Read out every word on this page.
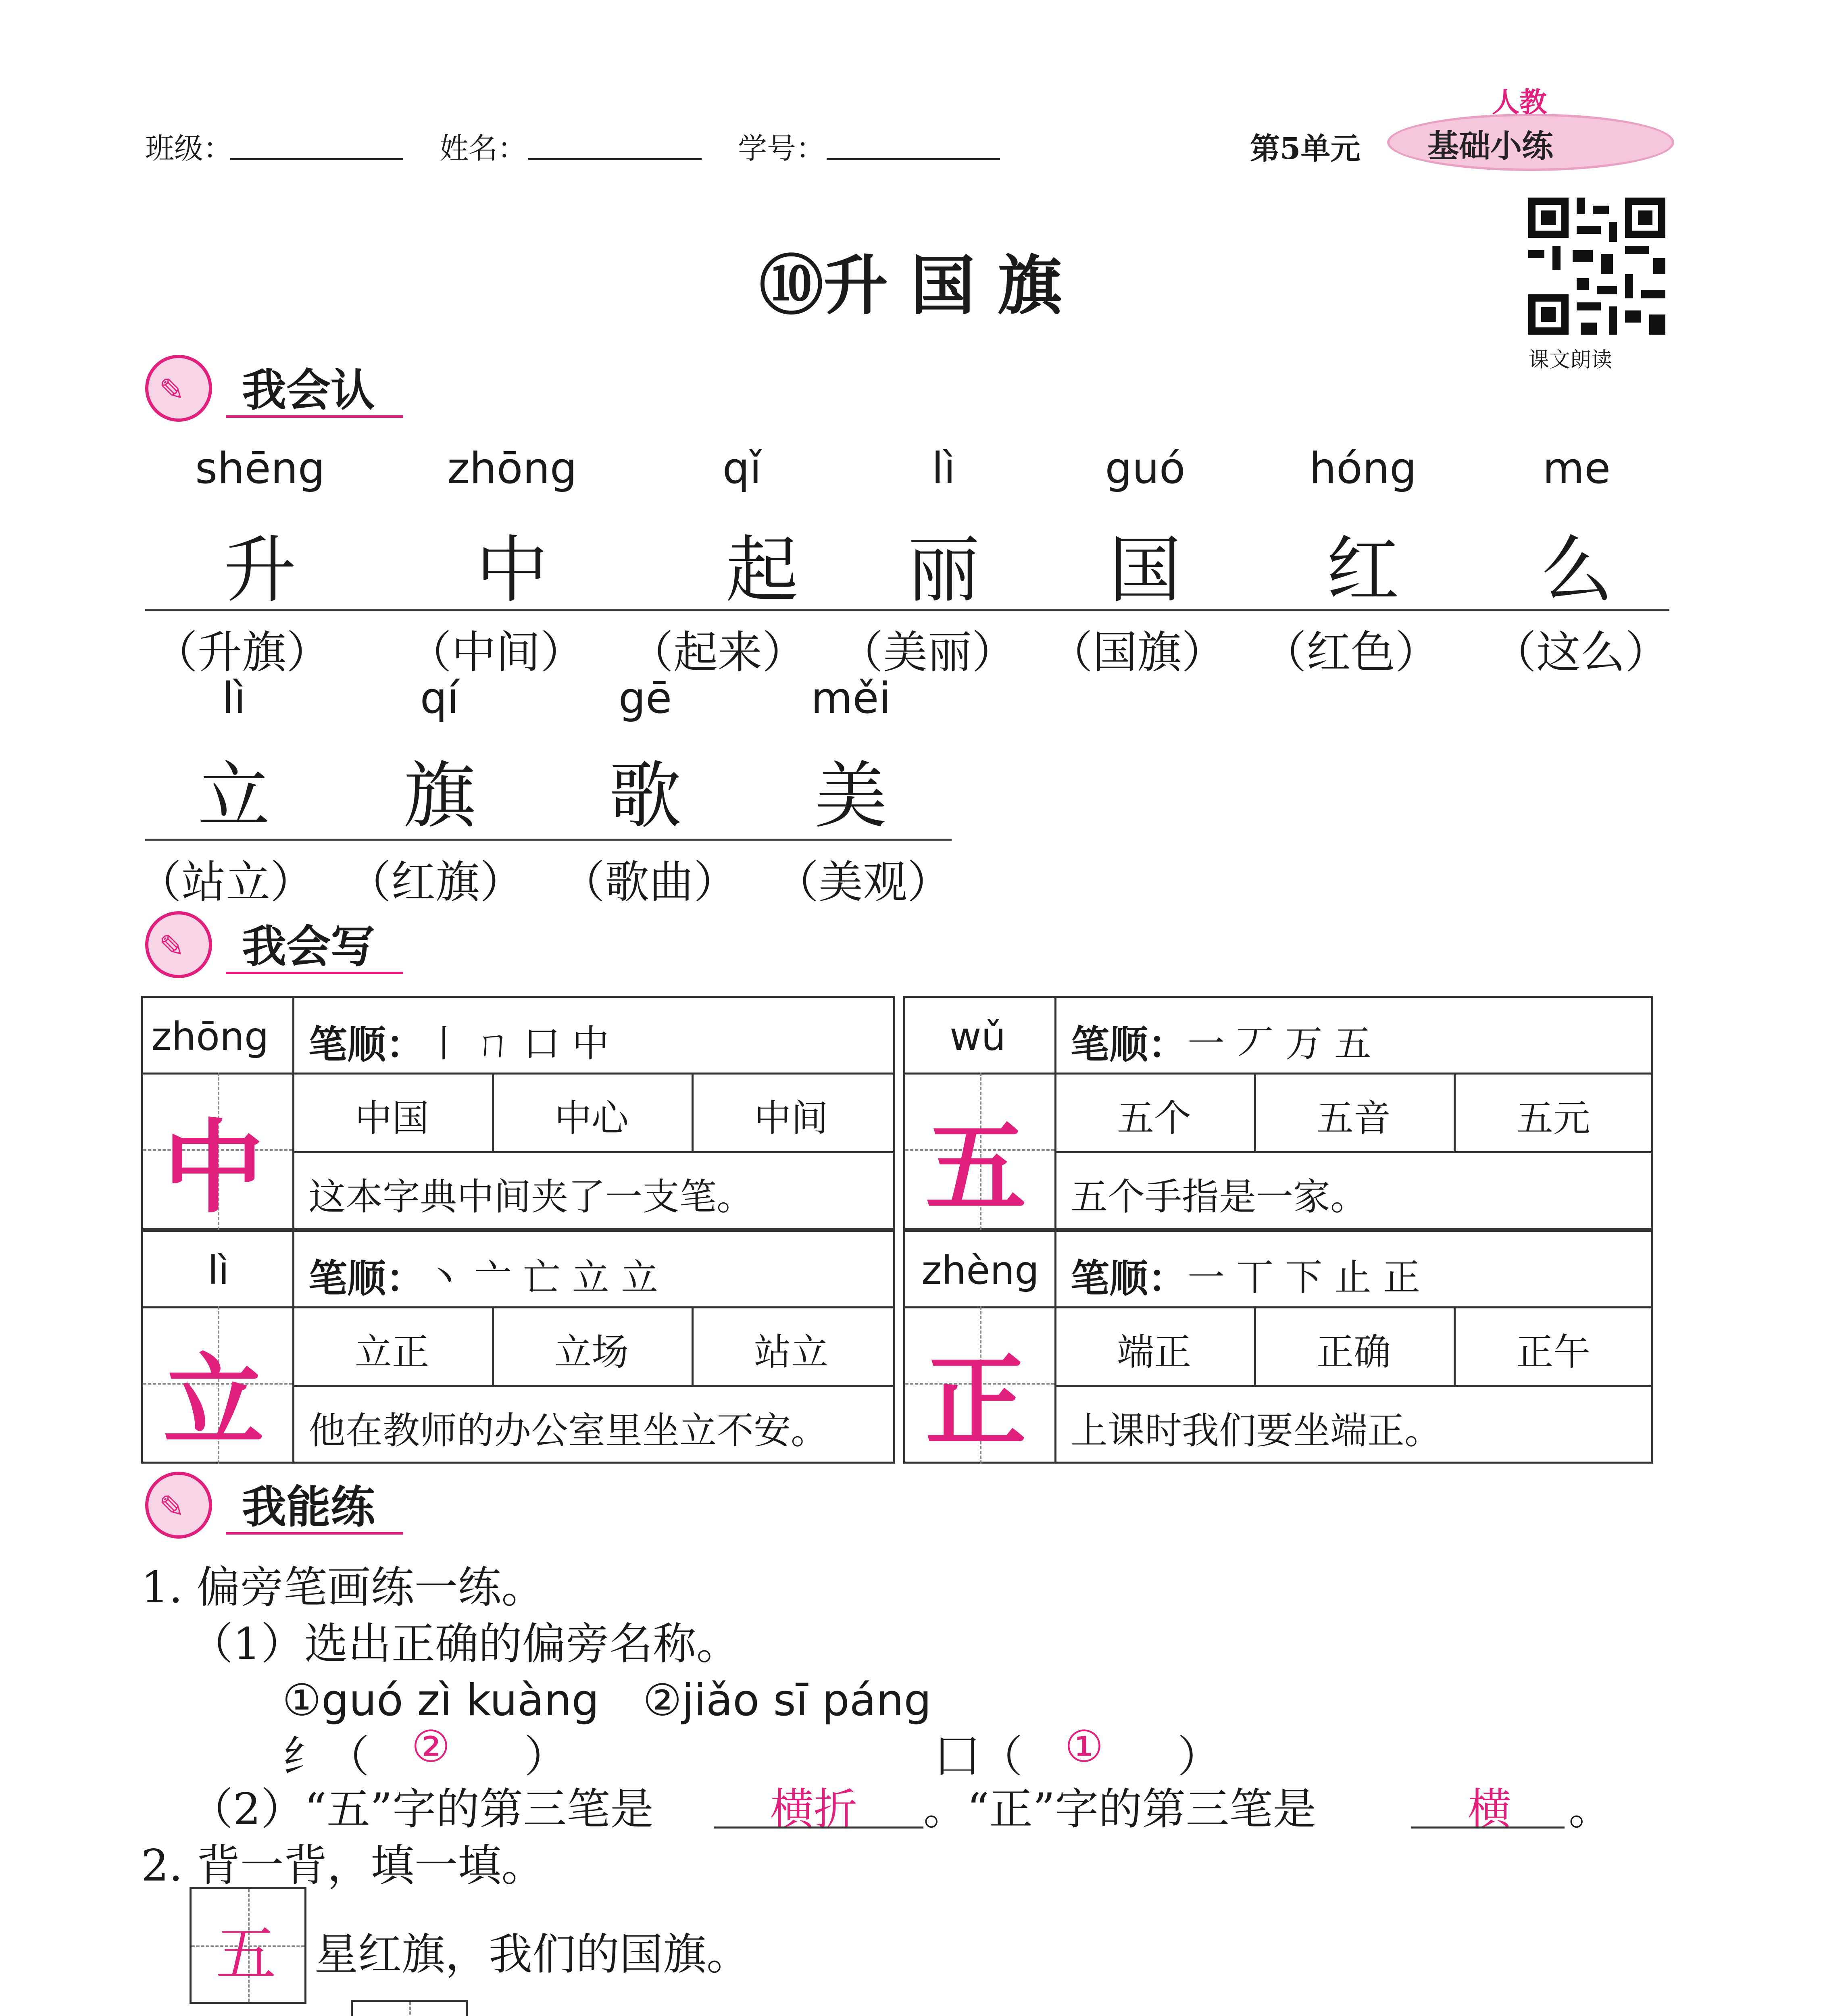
班级：	姓名：	学号：	第5单元 基础小练
人教
课文朗读
⑩升 国 旗
✎ 我会认
shēng	zhōng	qǐ	lì	guó	hóng	me
升	中	起	丽	国	红	么
（升旗） （中间） （起来） （美丽） （国旗） （红色） （这么）
lì	qí	gē	měi
立	旗	歌	美
（站立） （红旗） （歌曲） （美观）
✎ 我会写
zhōng 笔顺： 丨 ㄇ 口 中
中 中国	中心	中间
这本字典中间夹了一支笔。
wǔ 笔顺： 一 丆 万 五
五 五个	五音	五元
五个手指是一家。
lì 笔顺： 丶 亠 亡 立 立
立 立正	立场	站立
他在教师的办公室里坐立不安。
zhèng 笔顺： 一 丅 下 止 正
正 端正	正确	正午
上课时我们要坐端正。
✎ 我能练
1. 偏旁笔画练一练。
（1）选出正确的偏旁名称。
①guó zì kuàng　②jiǎo sī páng
纟（ ② ）	囗（ ① ）
（2）“五”字的第三笔是	横折 。“正”字的第三笔是	横 。
2. 背一背，填一填。
五 星红旗，我们的国旗。
